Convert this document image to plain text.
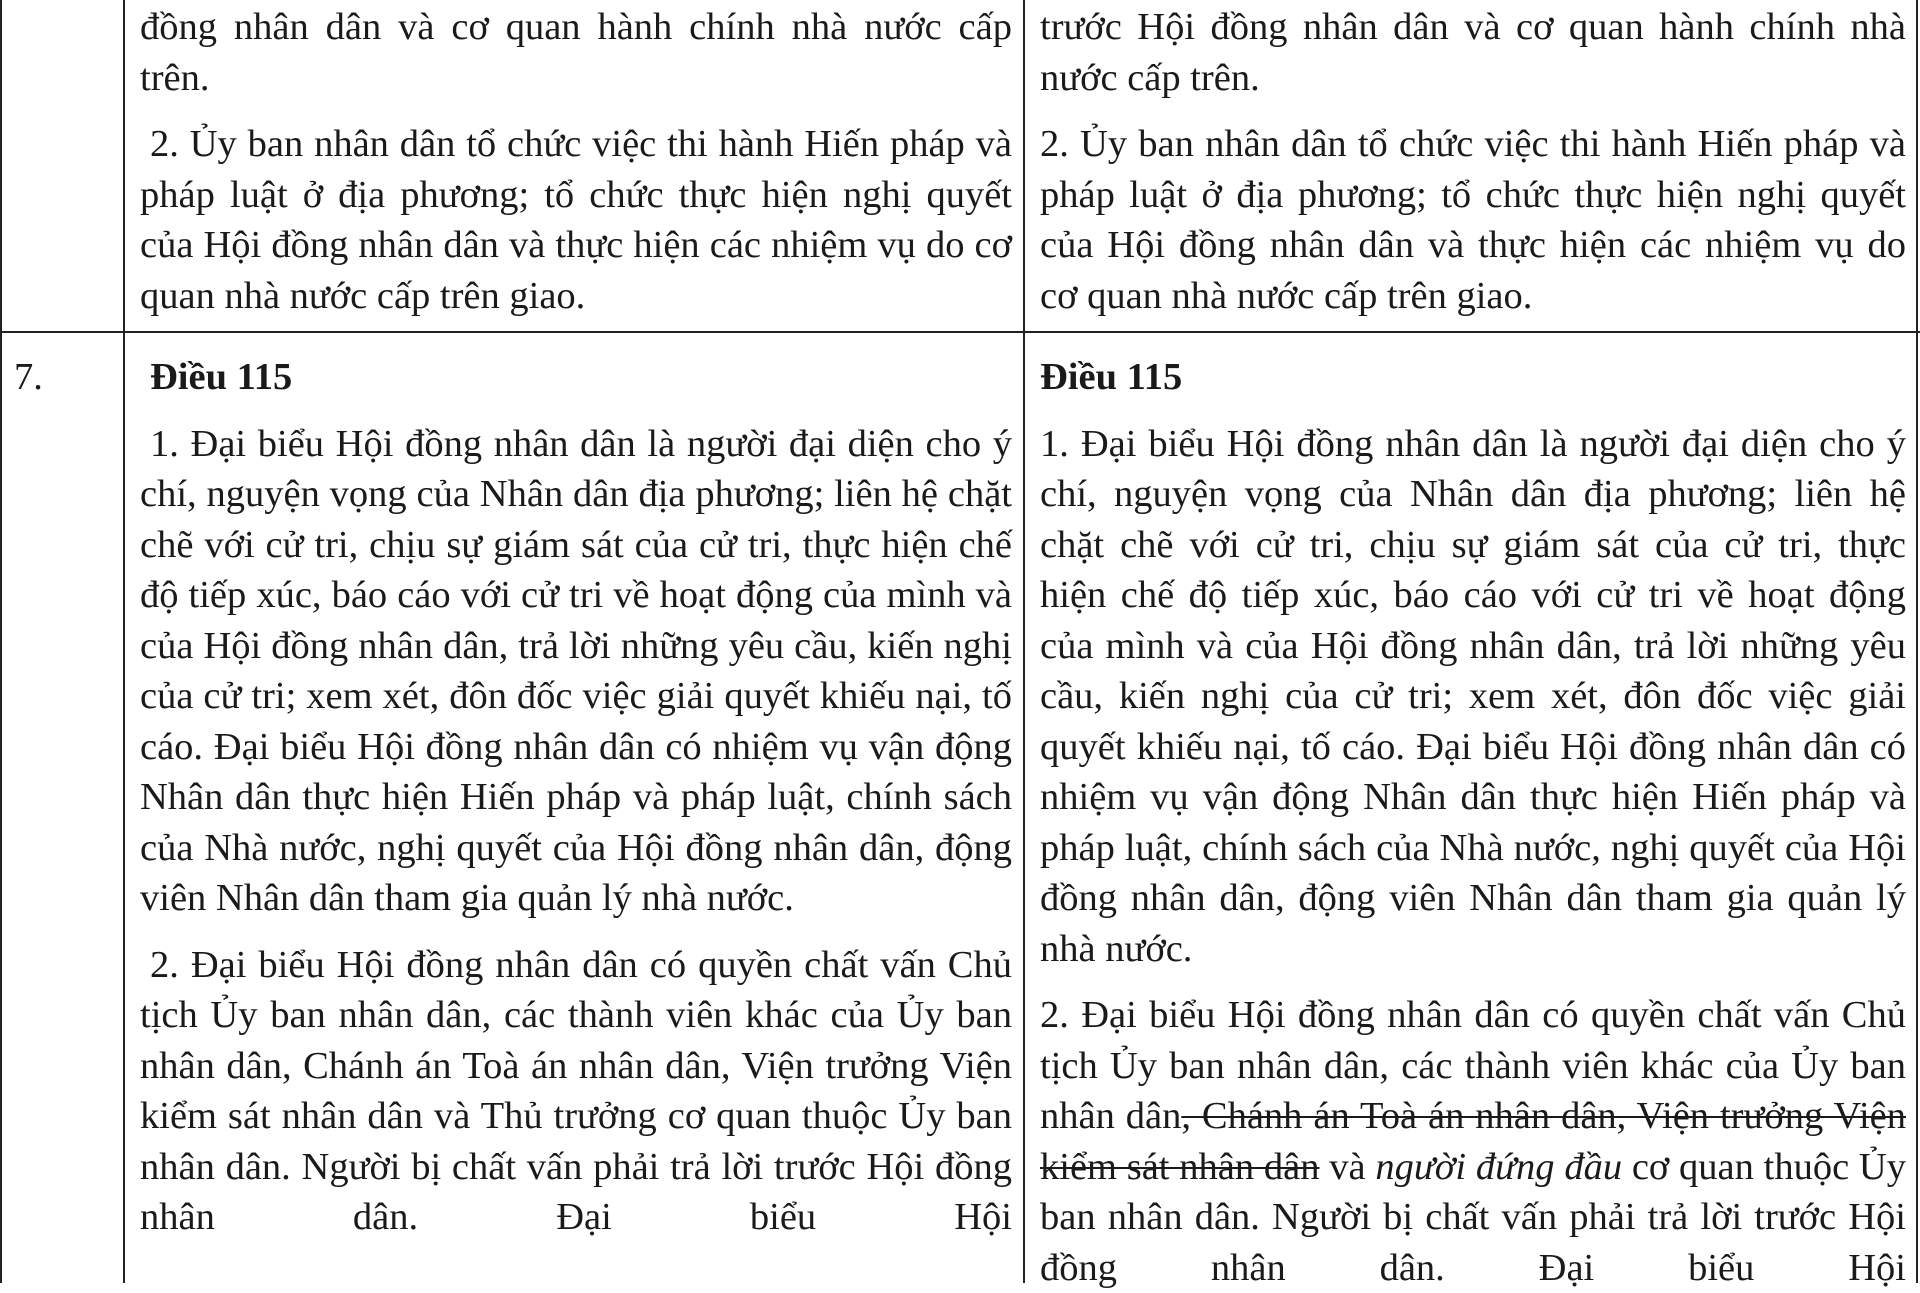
đồng nhân dân và cơ quan hành chính nhà nước cấp trên.

2. Ủy ban nhân dân tổ chức việc thi hành Hiến pháp và pháp luật ở địa phương; tổ chức thực hiện nghị quyết của Hội đồng nhân dân và thực hiện các nhiệm vụ do cơ quan nhà nước cấp trên giao.

trước Hội đồng nhân dân và cơ quan hành chính nhà nước cấp trên.

2. Ủy ban nhân dân tổ chức việc thi hành Hiến pháp và pháp luật ở địa phương; tổ chức thực hiện nghị quyết của Hội đồng nhân dân và thực hiện các nhiệm vụ do cơ quan nhà nước cấp trên giao.

7.	Điều 115

1. Đại biểu Hội đồng nhân dân là người đại diện cho ý chí, nguyện vọng của Nhân dân địa phương; liên hệ chặt chẽ với cử tri, chịu sự giám sát của cử tri, thực hiện chế độ tiếp xúc, báo cáo với cử tri về hoạt động của mình và của Hội đồng nhân dân, trả lời những yêu cầu, kiến nghị của cử tri; xem xét, đôn đốc việc giải quyết khiếu nại, tố cáo. Đại biểu Hội đồng nhân dân có nhiệm vụ vận động Nhân dân thực hiện Hiến pháp và pháp luật, chính sách của Nhà nước, nghị quyết của Hội đồng nhân dân, động viên Nhân dân tham gia quản lý nhà nước.

2. Đại biểu Hội đồng nhân dân có quyền chất vấn Chủ tịch Ủy ban nhân dân, các thành viên khác của Ủy ban nhân dân, Chánh án Toà án nhân dân, Viện trưởng Viện kiểm sát nhân dân và Thủ trưởng cơ quan thuộc Ủy ban nhân dân. Người bị chất vấn phải trả lời trước Hội đồng nhân dân. Đại biểu Hội

Điều 115

1. Đại biểu Hội đồng nhân dân là người đại diện cho ý chí, nguyện vọng của Nhân dân địa phương; liên hệ chặt chẽ với cử tri, chịu sự giám sát của cử tri, thực hiện chế độ tiếp xúc, báo cáo với cử tri về hoạt động của mình và của Hội đồng nhân dân, trả lời những yêu cầu, kiến nghị của cử tri; xem xét, đôn đốc việc giải quyết khiếu nại, tố cáo. Đại biểu Hội đồng nhân dân có nhiệm vụ vận động Nhân dân thực hiện Hiến pháp và pháp luật, chính sách của Nhà nước, nghị quyết của Hội đồng nhân dân, động viên Nhân dân tham gia quản lý nhà nước.

2. Đại biểu Hội đồng nhân dân có quyền chất vấn Chủ tịch Ủy ban nhân dân, các thành viên khác của Ủy ban nhân dân, Chánh án Toà án nhân dân, Viện trưởng Viện kiểm sát nhân dân và người đứng đầu cơ quan thuộc Ủy ban nhân dân. Người bị chất vấn phải trả lời trước Hội đồng nhân dân. Đại biểu Hội
